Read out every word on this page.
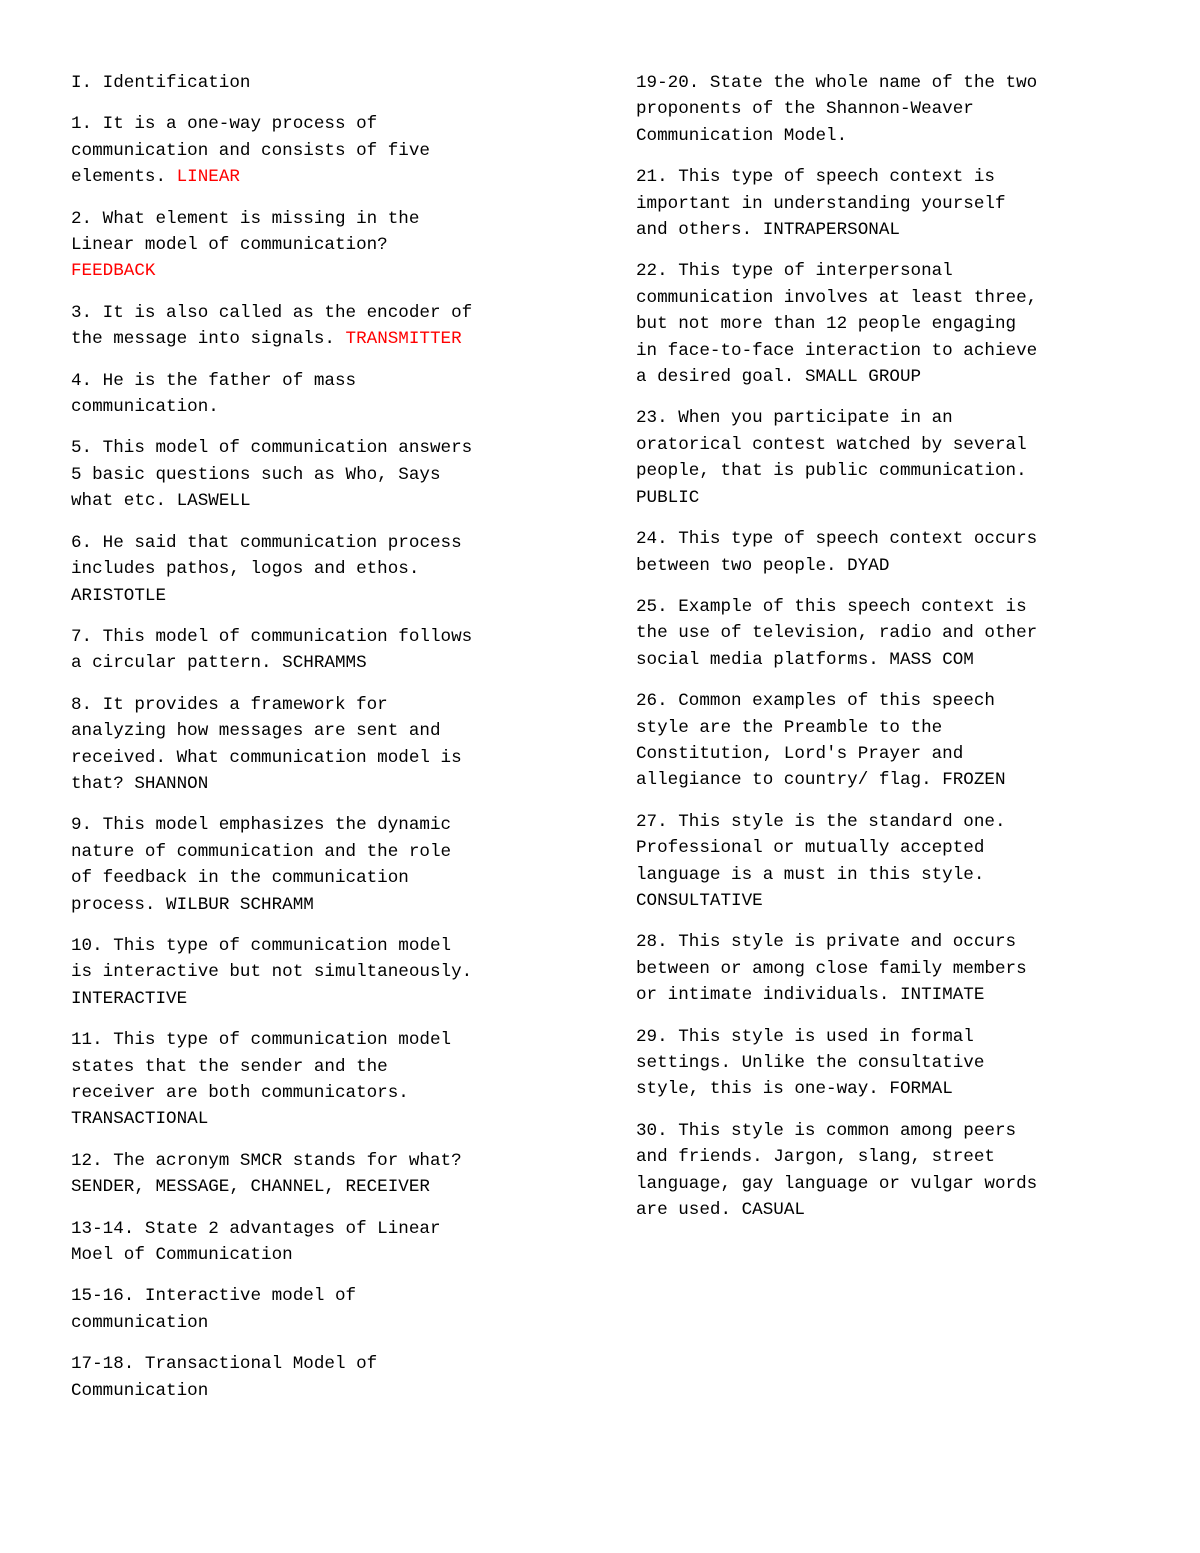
I. Identification
1. It is a one-way process of
communication and consists of five
elements. LINEAR
2. What element is missing in the
Linear model of communication?
FEEDBACK
3. It is also called as the encoder of
the message into signals. TRANSMITTER
4. He is the father of mass
communication.
5. This model of communication answers
5 basic questions such as Who, Says
what etc. LASWELL
6. He said that communication process
includes pathos, logos and ethos.
ARISTOTLE
7. This model of communication follows
a circular pattern. SCHRAMMS
8. It provides a framework for
analyzing how messages are sent and
received. What communication model is
that? SHANNON
9. This model emphasizes the dynamic
nature of communication and the role
of feedback in the communication
process. WILBUR SCHRAMM
10. This type of communication model
is interactive but not simultaneously.
INTERACTIVE
11. This type of communication model
states that the sender and the
receiver are both communicators.
TRANSACTIONAL
12. The acronym SMCR stands for what?
SENDER, MESSAGE, CHANNEL, RECEIVER
13-14. State 2 advantages of Linear
Moel of Communication
15-16. Interactive model of
communication
17-18. Transactional Model of
Communication
19-20. State the whole name of the two
proponents of the Shannon-Weaver
Communication Model.
21. This type of speech context is
important in understanding yourself
and others. INTRAPERSONAL
22. This type of interpersonal
communication involves at least three,
but not more than 12 people engaging
in face-to-face interaction to achieve
a desired goal. SMALL GROUP
23. When you participate in an
oratorical contest watched by several
people, that is public communication.
PUBLIC
24. This type of speech context occurs
between two people. DYAD
25. Example of this speech context is
the use of television, radio and other
social media platforms. MASS COM
26. Common examples of this speech
style are the Preamble to the
Constitution, Lord's Prayer and
allegiance to country/ flag. FROZEN
27. This style is the standard one.
Professional or mutually accepted
language is a must in this style.
CONSULTATIVE
28. This style is private and occurs
between or among close family members
or intimate individuals. INTIMATE
29. This style is used in formal
settings. Unlike the consultative
style, this is one-way. FORMAL
30. This style is common among peers
and friends. Jargon, slang, street
language, gay language or vulgar words
are used. CASUAL
